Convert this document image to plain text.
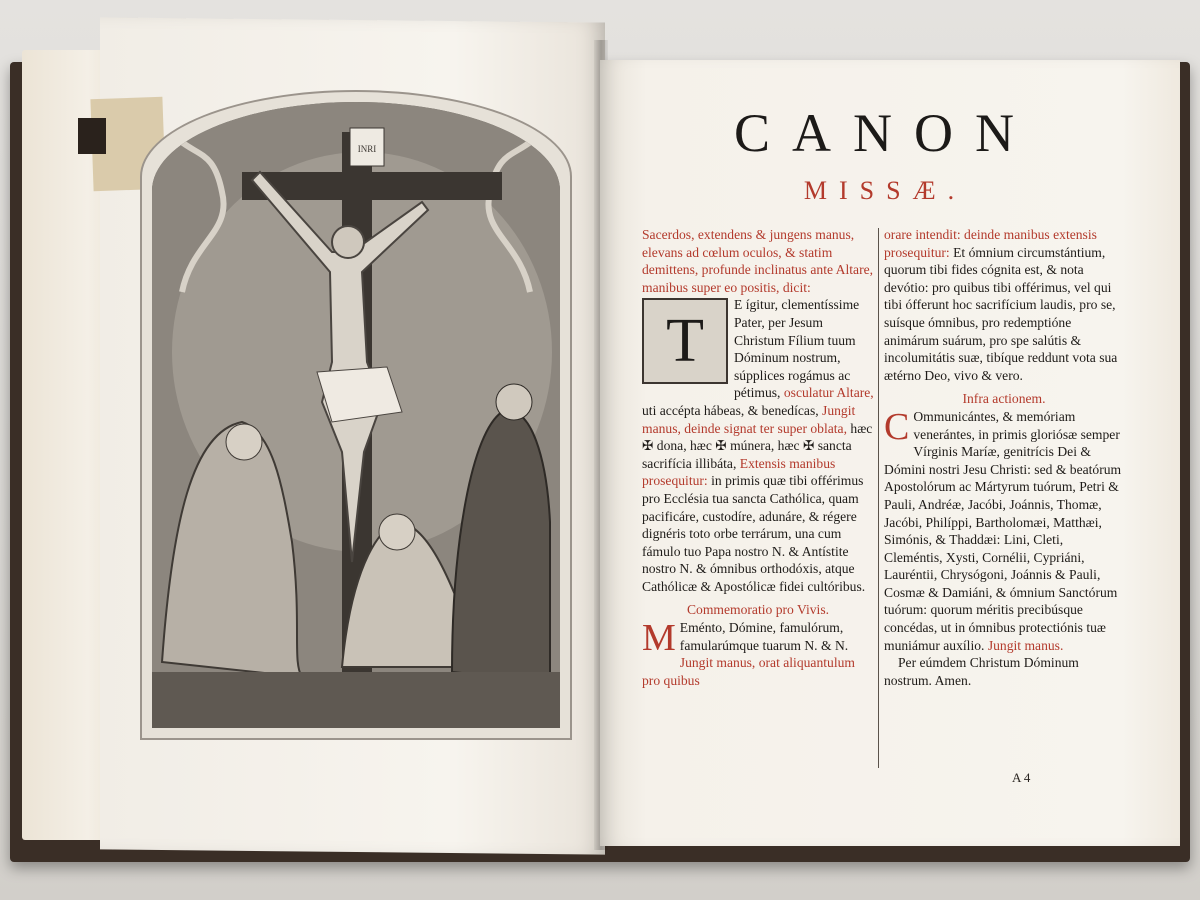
INRI	CANON
MISSÆ.

Sacerdos, extendens & jungens manus, elevans ad cœlum oculos, & statim demittens, profunde inclinatus ante Altare, manibus super eo positis, dicit:

T
E ígitur, clementíssime Pater, per Jesum Christum Fílium tuum Dóminum nostrum, súpplices rogámus ac pétimus, osculatur Altare, uti accépta hábeas, & benedícas, Jungit manus, deinde signat ter super oblata, hæc ✠ dona, hæc ✠ múnera, hæc ✠ sancta sacrifícia illibáta, Extensis manibus prosequitur: in primis quæ tibi offérimus pro Ecclésia tua sancta Cathólica, quam pacificáre, custodíre, adunáre, & régere dignéris toto orbe terrárum, una cum fámulo tuo Papa nostro N. & Antístite nostro N. & ómnibus orthodóxis, atque Cathólicæ & Apostólicæ fidei cultóribus.

Commemoratio pro Vivis.

M Eménto, Dómine, famulórum, famularúmque tuarum N. & N. Jungit manus, orat aliquantulum pro quibus
orare intendit: deinde manibus extensis prosequitur: Et ómnium circumstántium, quorum tibi fides cógnita est, & nota devótio: pro quibus tibi offérimus, vel qui tibi ófferunt hoc sacrifícium laudis, pro se, suísque ómnibus, pro redemptióne animárum suárum, pro spe salútis & incolumitátis suæ, tibíque reddunt vota sua ætérno Deo, vivo & vero.

Infra actionem.

C Ommunicántes, & memóriam venerántes, in primis gloriósæ semper Vírginis Maríæ, genitrícis Dei & Dómini nostri Jesu Christi: sed & beatórum Apostolórum ac Mártyrum tuórum, Petri & Pauli, Andréæ, Jacóbi, Joánnis, Thomæ, Jacóbi, Philíppi, Bartholomæi, Matthæi, Simónis, & Thaddæi: Lini, Cleti, Cleméntis, Xysti, Cornélii, Cypriáni, Lauréntii, Chrysógoni, Joánnis & Pauli, Cosmæ & Damiáni, & ómnium Sanctórum tuórum: quorum méritis precibúsque concédas, ut in ómnibus protectiónis tuæ muniámur auxílio. Jungit manus.

Per eúmdem Christum Dóminum nostrum. Amen.

A 4
